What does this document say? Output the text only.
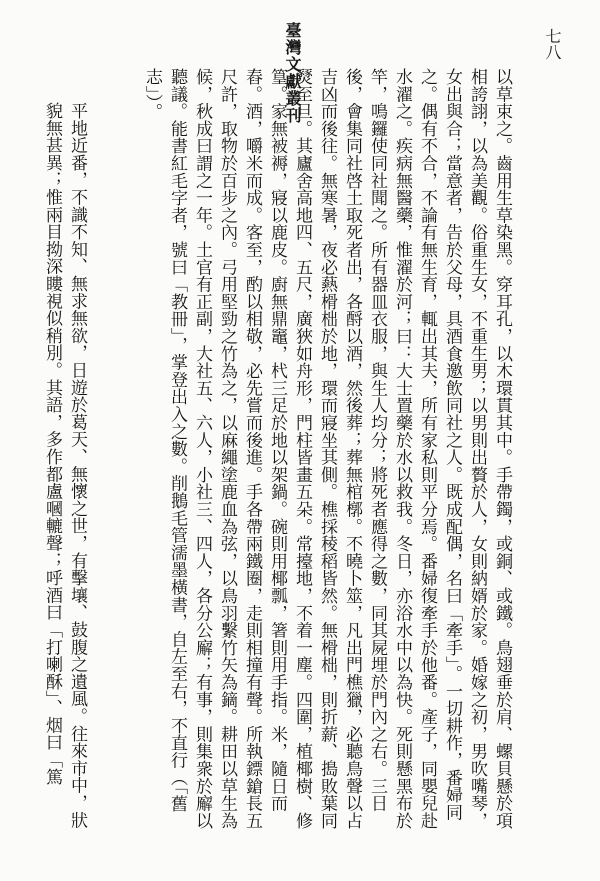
臺灣文獻叢刊	七八

以草束之。齒用生草染黑。穿耳孔，以木環貫其中。手帶鐲，或銅、或鐵。鳥翅垂於肩、螺貝懸於項相誇詡，以為美觀。俗重生女，不重生男；以男則出贅於人，女則納婿於家。婚嫁之初，男吹嘴琴，女出與合；當意者，告於父母，具酒食邀飲同社之人。既成配偶，名曰「牽手」。一切耕作，番婦同之。偶有不合，不論有無生育，輒出其夫，所有家私則平分焉。番婦復牽手於他番。產子，同嬰兒赴水濯之。疾病無醫藥，惟濯於河；曰：大士置藥於水以救我。冬日，亦浴水中以為快。死則懸黑布於竿，鳴鑼使同社聞之。所有器皿衣服，與生人均分；將死者應得之數，同其屍埋於門內之右。三日後，會集同社啓土取死者出，各酹以酒，然後葬；葬無棺槨。不曉卜筮，凡出門樵獵，必聽鳥聲以占吉凶而後往。無寒暑，夜必爇榾柮於地，環而寢坐其側。樵採稜稻皆然。無榾柮，則折薪、搗敗葉同燹至旦。其廬舍高地四、五尺，廣狹如舟形，門柱皆畫五朵。常擡地，不着一塵。四圍，植椰樹、修篁。家無被褥，寢以鹿皮。廚無鼎竈，杙三足於地以架鍋。碗則用椰瓢，箸則用手指。米，隨日而舂。酒，嚼米而成。客至，酌以相敬，必先嘗而後進。手各帶兩鐵圈，走則相撞有聲。所執鏢鎗長五尺許，取物於百步之內。弓用堅勁之竹為之，以麻繩塗鹿血為弦，以鳥羽繫竹矢為鏑。耕田以草生為候，秋成曰謂之一年。土官有正副，大社五、六人，小社三、四人，各分公廨；有事，則集衆於廨以聽議。能書紅毛字者，號曰「教冊」，掌登出入之數。削鵝毛管濡墨橫書，自左至右，不直行（「舊志」）。

平地近番，不識不知、無求無欲，日遊於葛天、無懷之世，有擊壤、鼓腹之遺風。往來市中，狀貌無甚異；惟兩目拗深瞜視似稍別。其語，多作都盧嘓轆聲；呼酒曰「打喇酥」、烟曰「篤
